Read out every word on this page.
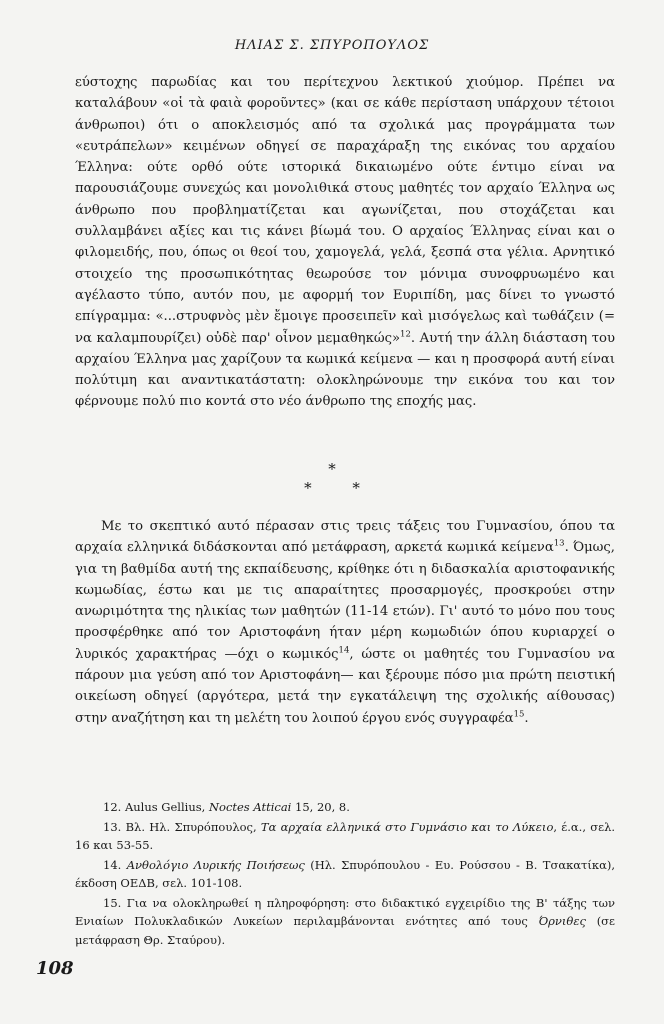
ΗΛΙΑΣ Σ. ΣΠΥΡΟΠΟΥΛΟΣ

εύστοχης παρωδίας και του περίτεχνου λεκτικού χιούμορ. Πρέπει να καταλάβουν «οἱ τὰ φαιὰ φοροῦντες» (και σε κάθε περίσταση υπάρχουν τέτοιοι άνθρωποι) ότι ο αποκλεισμός από τα σχολικά μας προγράμματα των «ευτράπελων» κειμένων οδηγεί σε παραχάραξη της εικόνας του αρχαίου Έλληνα: ούτε ορθό ούτε ιστορικά δικαιωμένο ούτε έντιμο είναι να παρουσιάζουμε συνεχώς και μονολιθικά στους μαθητές τον αρχαίο Έλληνα ως άνθρωπο που προβληματίζεται και αγωνίζεται, που στοχάζεται και συλλαμβάνει αξίες και τις κάνει βίωμά του. Ο αρχαίος Έλληνας είναι και ο φιλομειδής, που, όπως οι θεοί του, χαμογελά, γελά, ξεσπά στα γέλια. Αρνητικό στοιχείο της προσωπικότητας θεωρούσε τον μόνιμα συνοφρυωμένο και αγέλαστο τύπο, αυτόν που, με αφορμή τον Ευριπίδη, μας δίνει το γνωστό επίγραμμα: «...στρυφνὸς μὲν ἔμοιγε προσειπεῖν καὶ μισόγελως καὶ τωθάζειν (= να καλαμπουρίζει) οὐδὲ παρ' οἶνον μεμαθηκώς»$^{12}$. Αυτή την άλλη διάσταση του αρχαίου Έλληνα μας χαρίζουν τα κωμικά κείμενα — και η προσφορά αυτή είναι πολύτιμη και αναντικατάστατη: ολοκληρώνουμε την εικόνα του και τον φέρνουμε πολύ πιο κοντά στο νέο άνθρωπο της εποχής μας.

*
* *

Με το σκεπτικό αυτό πέρασαν στις τρεις τάξεις του Γυμνασίου, όπου τα αρχαία ελληνικά διδάσκονται από μετάφραση, αρκετά κωμικά κείμενα$^{13}$. Όμως, για τη βαθμίδα αυτή της εκπαίδευσης, κρίθηκε ότι η διδασκαλία αριστοφανικής κωμωδίας, έστω και με τις απαραίτητες προσαρμογές, προσκρούει στην ανωριμότητα της ηλικίας των μαθητών (11-14 ετών). Γι' αυτό το μόνο που τους προσφέρθηκε από τον Αριστοφάνη ήταν μέρη κωμωδιών όπου κυριαρχεί ο λυρικός χαρακτήρας —όχι ο κωμικός$^{14}$, ώστε οι μαθητές του Γυμνασίου να πάρουν μια γεύση από τον Αριστοφάνη— και ξέρουμε πόσο μια πρώτη πειστική οικείωση οδηγεί (αργότερα, μετά την εγκατάλειψη της σχολικής αίθουσας) στην αναζήτηση και τη μελέτη του λοιπού έργου ενός συγγραφέα$^{15}$.

12. Aulus Gellius, Noctes Atticai 15, 20, 8.

13. Βλ. Ηλ. Σπυρόπουλος, Τα αρχαία ελληνικά στο Γυμνάσιο και το Λύκειο, έ.α., σελ. 16 και 53-55.

14. Ανθολόγιο Λυρικής Ποιήσεως (Ηλ. Σπυρόπουλου - Ευ. Ρούσσου - Β. Τσακατίκα), έκδοση ΟΕΔΒ, σελ. 101-108.

15. Για να ολοκληρωθεί η πληροφόρηση: στο διδακτικό εγχειρίδιο της Β' τάξης των Ενιαίων Πολυκλαδικών Λυκείων περιλαμβάνονται ενότητες από τους Όρνιθες (σε μετάφραση Θρ. Σταύρου).

108
